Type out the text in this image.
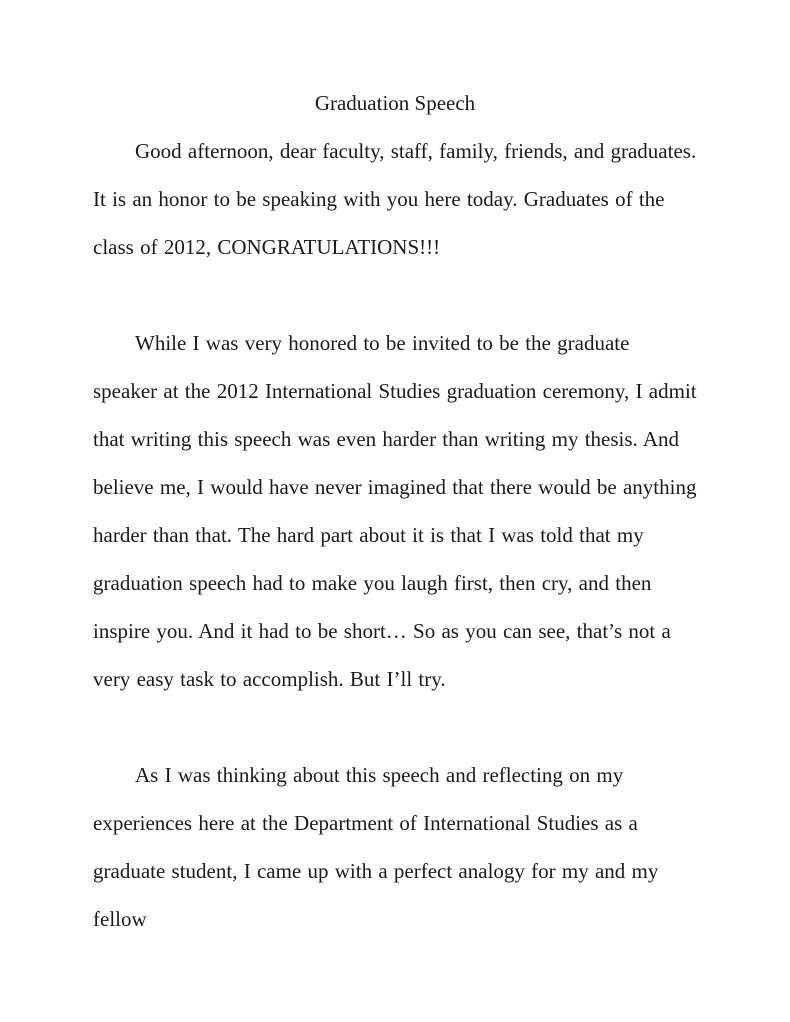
Graduation Speech

Good afternoon, dear faculty, staff, family, friends, and graduates. It is an honor to be speaking with you here today. Graduates of the class of 2012, CONGRATULATIONS!!!

While I was very honored to be invited to be the graduate speaker at the 2012 International Studies graduation ceremony, I admit that writing this speech was even harder than writing my thesis. And believe me, I would have never imagined that there would be anything harder than that. The hard part about it is that I was told that my graduation speech had to make you laugh first, then cry, and then inspire you. And it had to be short… So as you can see, that’s not a very easy task to accomplish. But I’ll try.

As I was thinking about this speech and reflecting on my experiences here at the Department of International Studies as a graduate student, I came up with a perfect analogy for my and my fellow
